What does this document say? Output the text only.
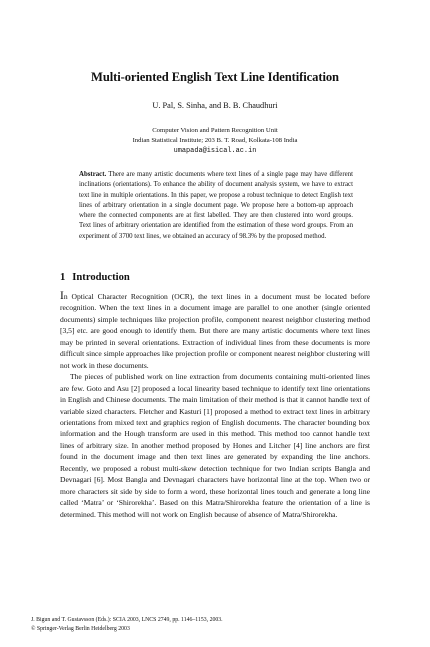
Multi-oriented English Text Line Identification
U. Pal, S. Sinha, and B. B. Chaudhuri
Computer Vision and Pattern Recognition Unit
Indian Statistical Institute; 203 B. T. Road, Kolkata-108 India
umapada@isical.ac.in
Abstract. There are many artistic documents where text lines of a single page may have different inclinations (orientations). To enhance the ability of document analysis system, we have to extract text line in multiple orientations. In this paper, we propose a robust technique to detect English text lines of arbitrary orientation in a single document page. We propose here a bottom-up approach where the connected components are at first labelled. They are then clustered into word groups. Text lines of arbitrary orientation are identified from the estimation of these word groups. From an experiment of 3700 text lines, we obtained an accuracy of 98.3% by the proposed method.
1 Introduction

In Optical Character Recognition (OCR), the text lines in a document must be located before recognition. When the text lines in a document image are parallel to one another (single oriented documents) simple techniques like projection profile, component nearest neighbor clustering method [3,5] etc. are good enough to identify them. But there are many artistic documents where text lines may be printed in several orientations. Extraction of individual lines from these documents is more difficult since simple approaches like projection profile or component nearest neighbor clustering will not work in these documents.

The pieces of published work on line extraction from documents containing multi-oriented lines are few. Goto and Asu [2] proposed a local linearity based technique to identify text line orientations in English and Chinese documents. The main limitation of their method is that it cannot handle text of variable sized characters. Fletcher and Kasturi [1] proposed a method to extract text lines in arbitrary orientations from mixed text and graphics region of English documents. The character bounding box information and the Hough transform are used in this method. This method too cannot handle text lines of arbitrary size. In another method proposed by Hones and Litcher [4] line anchors are first found in the document image and then text lines are generated by expanding the line anchors. Recently, we proposed a robust multi-skew detection technique for two Indian scripts Bangla and Devnagari [6]. Most Bangla and Devnagari characters have horizontal line at the top. When two or more characters sit side by side to form a word, these horizontal lines touch and generate a long line called ‘Matra’ or ‘Shirorekha’. Based on this Matra/Shirorekha feature the orientation of a line is determined. This method will not work on English because of absence of Matra/Shirorekha.

J. Bigun and T. Gustavsson (Eds.): SCIA 2003, LNCS 2749, pp. 1146–1153, 2003.
© Springer-Verlag Berlin Heidelberg 2003
